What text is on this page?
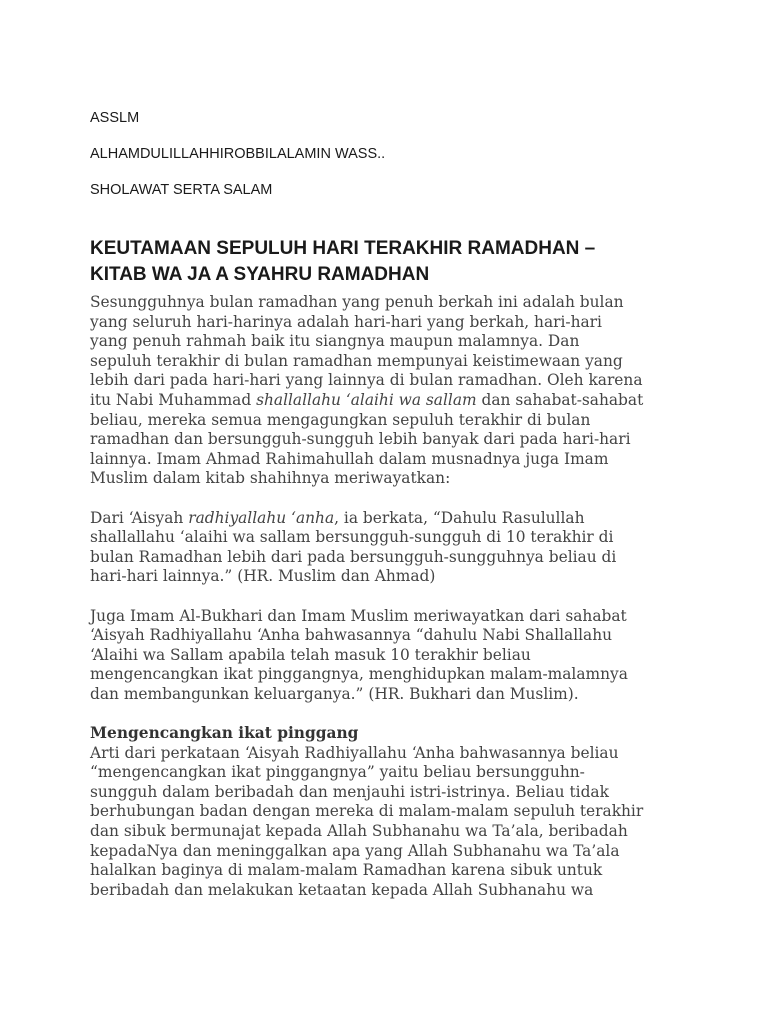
ASSLM

ALHAMDULILLAHHIROBBILALAMIN WASS..

SHOLAWAT SERTA SALAM

KEUTAMAAN SEPULUH HARI TERAKHIR RAMADHAN –
KITAB WA JA A SYAHRU RAMADHAN

Sesungguhnya bulan ramadhan yang penuh berkah ini adalah bulan
yang seluruh hari-harinya adalah hari-hari yang berkah, hari-hari
yang penuh rahmah baik itu siangnya maupun malamnya. Dan
sepuluh terakhir di bulan ramadhan mempunyai keistimewaan yang
lebih dari pada hari-hari yang lainnya di bulan ramadhan. Oleh karena
itu Nabi Muhammad shallallahu ‘alaihi wa sallam dan sahabat-sahabat
beliau, mereka semua mengagungkan sepuluh terakhir di bulan
ramadhan dan bersungguh-sungguh lebih banyak dari pada hari-hari
lainnya. Imam Ahmad Rahimahullah dalam musnadnya juga Imam
Muslim dalam kitab shahihnya meriwayatkan:

Dari ‘Aisyah radhiyallahu ‘anha, ia berkata, “Dahulu Rasulullah
shallallahu ‘alaihi wa sallam bersungguh-sungguh di 10 terakhir di
bulan Ramadhan lebih dari pada bersungguh-sungguhnya beliau di
hari-hari lainnya.” (HR. Muslim dan Ahmad)

Juga Imam Al-Bukhari dan Imam Muslim meriwayatkan dari sahabat
‘Aisyah Radhiyallahu ‘Anha bahwasannya “dahulu Nabi Shallallahu
‘Alaihi wa Sallam apabila telah masuk 10 terakhir beliau
mengencangkan ikat pinggangnya, menghidupkan malam-malamnya
dan membangunkan keluarganya.” (HR. Bukhari dan Muslim).

Mengencangkan ikat pinggang
Arti dari perkataan ‘Aisyah Radhiyallahu ‘Anha bahwasannya beliau
“mengencangkan ikat pinggangnya” yaitu beliau bersungguhn-
sungguh dalam beribadah dan menjauhi istri-istrinya. Beliau tidak
berhubungan badan dengan mereka di malam-malam sepuluh terakhir
dan sibuk bermunajat kepada Allah Subhanahu wa Ta’ala, beribadah
kepadaNya dan meninggalkan apa yang Allah Subhanahu wa Ta’ala
halalkan baginya di malam-malam Ramadhan karena sibuk untuk
beribadah dan melakukan ketaatan kepada Allah Subhanahu wa
